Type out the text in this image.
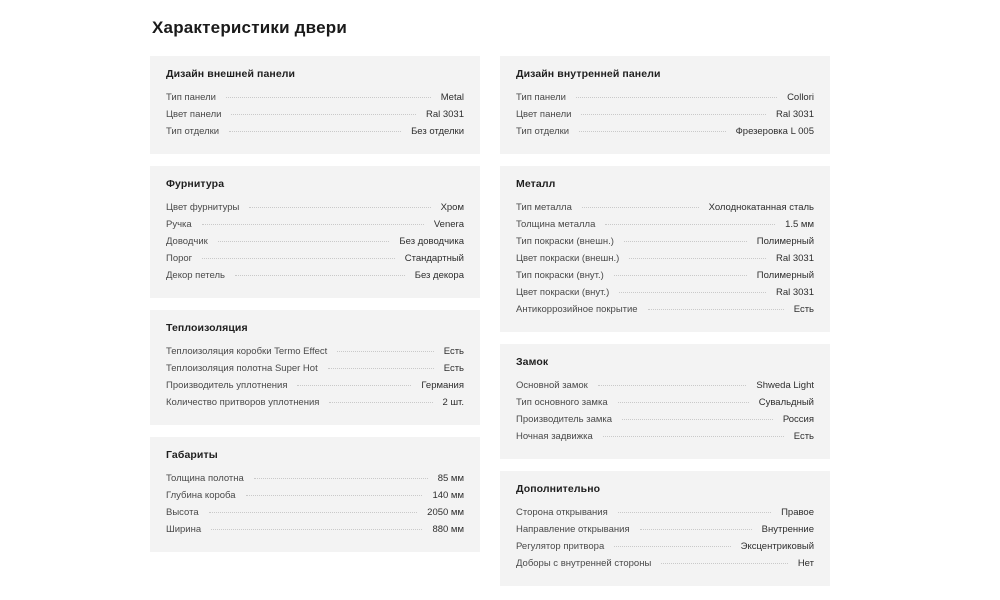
Характеристики двери
Дизайн внешней панели
Тип панели	Metal
Цвет панели	Ral 3031
Тип отделки	Без отделки
Фурнитура
Цвет фурнитуры	Хром
Ручка	Venera
Доводчик	Без доводчика
Порог	Стандартный
Декор петель	Без декора
Теплоизоляция
Теплоизоляция коробки Termo Effect	Есть
Теплоизоляция полотна Super Hot	Есть
Производитель уплотнения	Германия
Количество притворов уплотнения	2 шт.
Габариты
Толщина полотна	85 мм
Глубина короба	140 мм
Высота	2050 мм
Ширина	880 мм
Дизайн внутренней панели
Тип панели	Collori
Цвет панели	Ral 3031
Тип отделки	Фрезеровка L 005
Металл
Тип металла	Холоднокатанная сталь
Толщина металла	1.5 мм
Тип покраски (внешн.)	Полимерный
Цвет покраски (внешн.)	Ral 3031
Тип покраски (внут.)	Полимерный
Цвет покраски (внут.)	Ral 3031
Антикоррозийное покрытие	Есть
Замок
Основной замок	Shweda Light
Тип основного замка	Сувальдный
Производитель замка	Россия
Ночная задвижка	Есть
Дополнительно
Сторона открывания	Правое
Направление открывания	Внутренние
Регулятор притвора	Эксцентриковый
Доборы с внутренней стороны	Нет
